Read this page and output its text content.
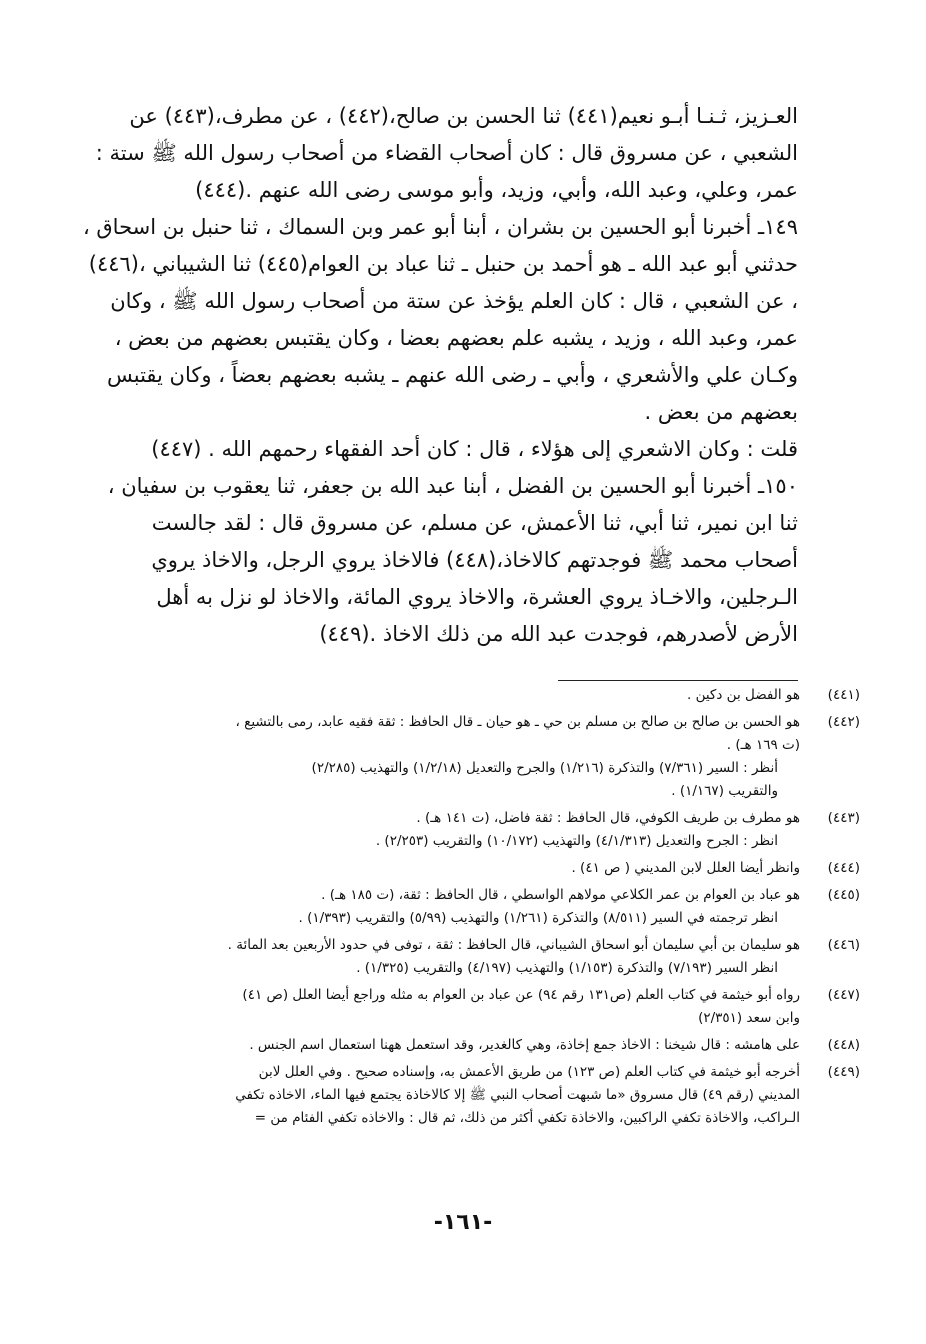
العـزيز، ثـنـا أبـو نعيم(٤٤١) ثنا الحسن بن صالح،(٤٤٢) ، عن مطرف،(٤٤٣) عن
الشعبي ، عن مسروق قال : كان أصحاب القضاء من أصحاب رسول الله ﷺ ستة :
عمر، وعلي، وعبد الله، وأبي، وزيد، وأبو موسى رضى الله عنهم .(٤٤٤)
١٤٩ـ أخبرنا أبو الحسين بن بشران ، أبنا أبو عمر وبن السماك ، ثنا حنبل بن اسحاق ،
حدثني أبو عبد الله ـ هو أحمد بن حنبل ـ ثنا عباد بن العوام(٤٤٥) ثنا الشيباني ،(٤٤٦)
، عن الشعبي ، قال : كان العلم يؤخذ عن ستة من أصحاب رسول الله ﷺ ، وكان
عمر، وعبد الله ، وزيد ، يشبه علم بعضهم بعضا ، وكان يقتبس بعضهم من بعض ،
وكـان علي والأشعري ، وأبي ـ رضى الله عنهم ـ يشبه بعضهم بعضاً ، وكان يقتبس
بعضهم من بعض .
قلت : وكان الاشعري إلى هؤلاء ، قال : كان أحد الفقهاء رحمهم الله . (٤٤٧)
١٥٠ـ أخبرنا أبو الحسين بن الفضل ، أبنا عبد الله بن جعفر، ثنا يعقوب بن سفيان ،
ثنا ابن نمير، ثنا أبي، ثنا الأعمش، عن مسلم، عن مسروق قال : لقد جالست
أصحاب محمد ﷺ فوجدتهم كالاخاذ،(٤٤٨) فالاخاذ يروي الرجل، والاخاذ يروي
الـرجلين، والاخـاذ يروي العشرة، والاخاذ يروي المائة، والاخاذ لو نزل به أهل
الأرض لأصدرهم، فوجدت عبد الله من ذلك الاخاذ .(٤٤٩)
(٤٤١)
هو الفضل بن دكين .
(٤٤٢)
هو الحسن بن صالح بن صالح بن مسلم بن حي ـ هو حيان ـ قال الحافظ : ثقة فقيه عابد، رمى بالتشيع ،
(ت ١٦٩ هـ) .
أنظر : السير (٧/٣٦١) والتذكرة (١/٢١٦) والجرح والتعديل (١/٢/١٨) والتهذيب (٢/٢٨٥)
والتقريب (١/١٦٧) .
(٤٤٣)
هو مطرف بن طريف الكوفي، قال الحافظ : ثقة فاضل، (ت ١٤١ هـ) .
انظر : الجرح والتعديل (٤/١/٣١٣) والتهذيب (١٠/١٧٢) والتقريب (٢/٢٥٣) .
(٤٤٤)
وانظر أيضا العلل لابن المديني ( ص ٤١) .
(٤٤٥)
هو عباد بن العوام بن عمر الكلاعي مولاهم الواسطي ، قال الحافظ : ثقة، (ت ١٨٥ هـ) .
انظر ترجمته في السير (٨/٥١١) والتذكرة (١/٢٦١) والتهذيب (٥/٩٩) والتقريب (١/٣٩٣) .
(٤٤٦)
هو سليمان بن أبي سليمان أبو اسحاق الشيباني، قال الحافظ : ثقة ، توفى في حدود الأربعين بعد المائة .
انظر السير (٧/١٩٣) والتذكرة (١/١٥٣) والتهذيب (٤/١٩٧) والتقريب (١/٣٢٥) .
(٤٤٧)
رواه أبو خيثمة في كتاب العلم (ص١٣١ رقم ٩٤) عن عباد بن العوام به مثله وراجع أيضا العلل (ص ٤١)
وابن سعد (٢/٣٥١)
(٤٤٨)
على هامشه : قال شيخنا : الاخاذ جمع إخاذة، وهي كالغدير، وقد استعمل ههنا استعمال اسم الجنس .
(٤٤٩)
أخرجه أبو خيثمة في كتاب العلم (ص ١٢٣) من طريق الأعمش به، وإسناده صحيح . وفي العلل لابن
المديني (رقم ٤٩) قال مسروق «ما شبهت أصحاب النبي ﷺ إلا كالاخاذة يجتمع فيها الماء، الاخاذه تكفي
الـراكب، والاخاذة تكفي الراكبين، والاخاذة تكفي أكثر من ذلك، ثم قال : والاخاذه تكفي الفئام من =
-١٦١-
